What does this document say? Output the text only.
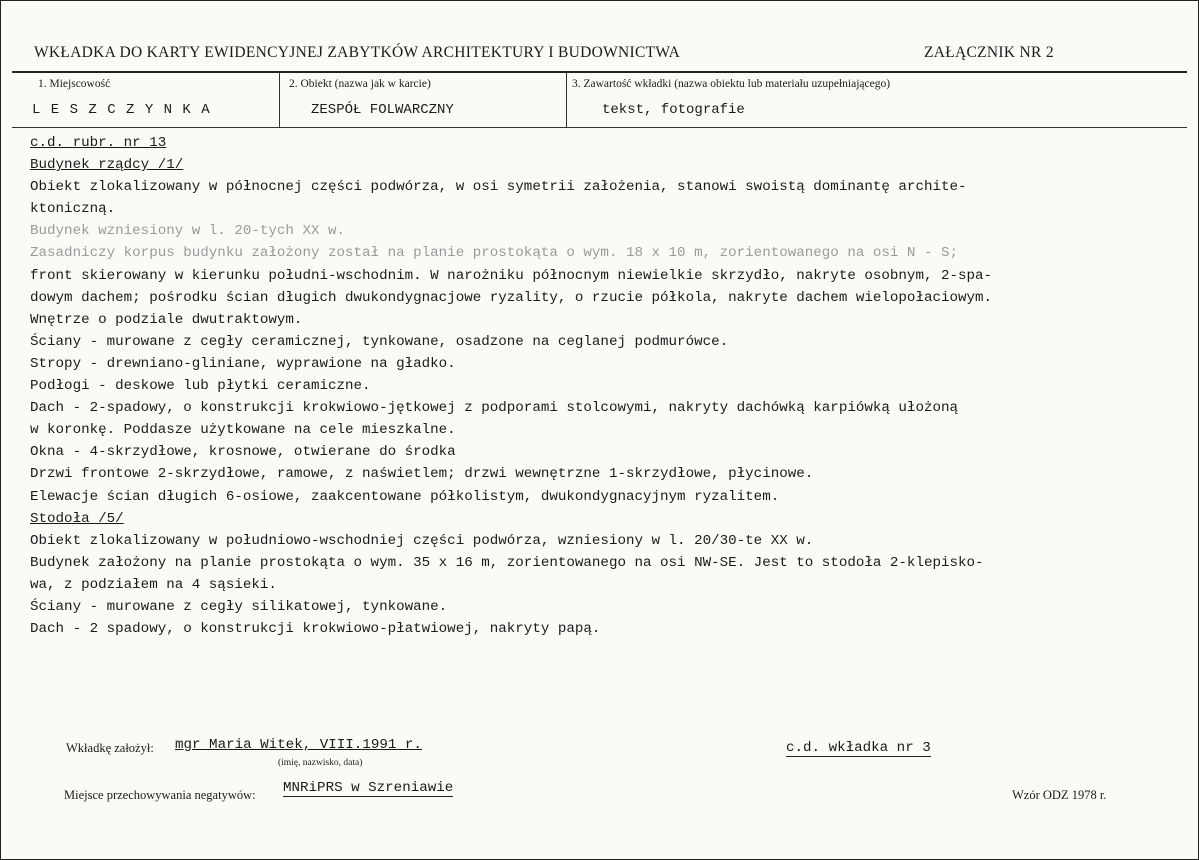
WKŁADKA DO KARTY EWIDENCYJNEJ ZABYTKÓW ARCHITEKTURY I BUDOWNICTWA	ZAŁĄCZNIK NR 2
1. Miejscowość
L E S Z C Z Y N K A
2. Obiekt (nazwa jak w karcie)
ZESPÓŁ FOLWARCZNY
3. Zawartość wkładki (nazwa obiektu lub materiału uzupełniającego)
tekst, fotografie
c.d. rubr. nr 13
Budynek rządcy /1/
Obiekt zlokalizowany w północnej części podwórza, w osi symetrii założenia, stanowi swoistą dominantę archite-
ktoniczną.
Budynek wzniesiony w l. 20-tych XX w.
Zasadniczy korpus budynku założony został na planie prostokąta o wym. 18 x 10 m, zorientowanego na osi N - S;
front skierowany w kierunku południ-wschodnim. W narożniku północnym niewielkie skrzydło, nakryte osobnym, 2-spa-
dowym dachem; pośrodku ścian długich dwukondygnacjowe ryzality, o rzucie półkola, nakryte dachem wielopołaciowym.
Wnętrze o podziale dwutraktowym.
Ściany - murowane z cegły ceramicznej, tynkowane, osadzone na ceglanej podmurówce.
Stropy - drewniano-gliniane, wyprawione na gładko.
Podłogi - deskowe lub płytki ceramiczne.
Dach - 2-spadowy, o konstrukcji krokwiowo-jętkowej z podporami stolcowymi, nakryty dachówką karpiówką ułożoną
w koronkę. Poddasze użytkowane na cele mieszkalne.
Okna - 4-skrzydłowe, krosnowe, otwierane do środka
Drzwi frontowe 2-skrzydłowe, ramowe, z naświetlem; drzwi wewnętrzne 1-skrzydłowe, płycinowe.
Elewacje ścian długich 6-osiowe, zaakcentowane półkolistym, dwukondygnacyjnym ryzalitem.
Stodoła /5/
Obiekt zlokalizowany w południowo-wschodniej części podwórza, wzniesiony w l. 20/30-te XX w.
Budynek założony na planie prostokąta o wym. 35 x 16 m, zorientowanego na osi NW-SE. Jest to stodoła 2-klepisko-
wa, z podziałem na 4 sąsieki.
Ściany - murowane z cegły silikatowej, tynkowane.
Dach - 2 spadowy, o konstrukcji krokwiowo-płatwiowej, nakryty papą.
Wkładkę założył: mgr Maria Witek, VIII.1991 r.
(imię, nazwisko, data)
c.d. wkładka nr 3
Miejsce przechowywania negatywów: MNRiPRS w Szreniawie	Wzór ODZ 1978 r.
